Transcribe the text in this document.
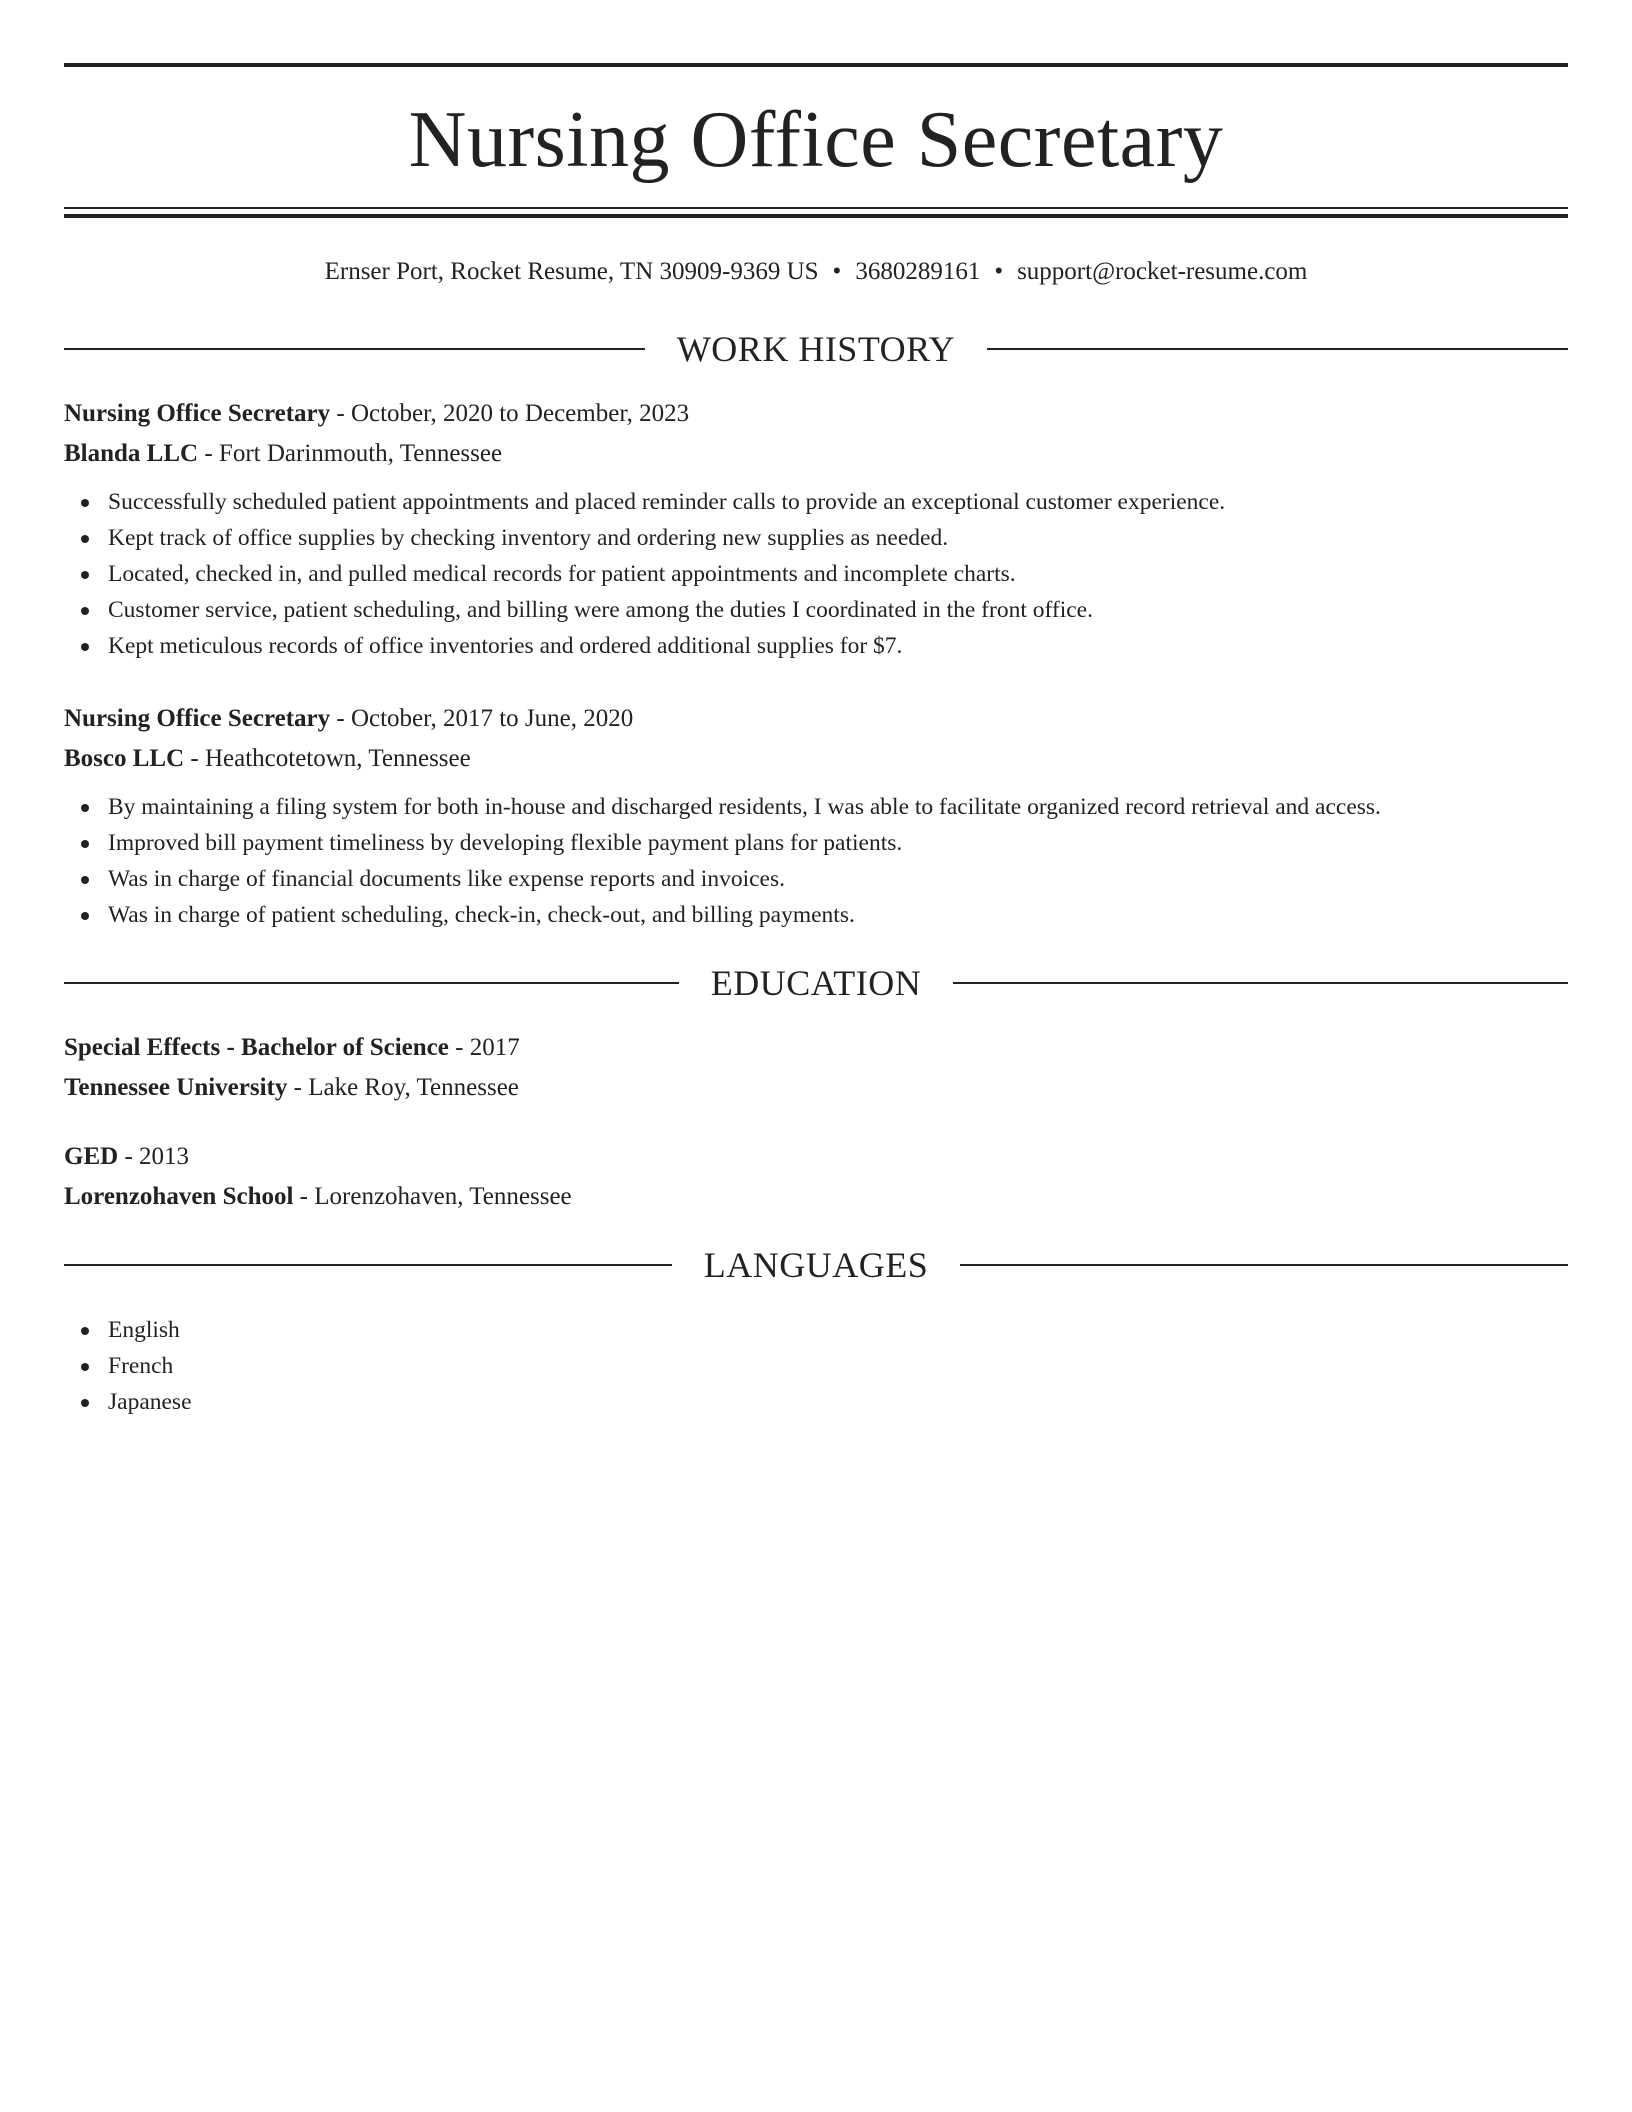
Nursing Office Secretary
Ernser Port, Rocket Resume, TN 30909-9369 US • 3680289161 • support@rocket-resume.com
WORK HISTORY
Nursing Office Secretary - October, 2020 to December, 2023
Blanda LLC - Fort Darinmouth, Tennessee
Successfully scheduled patient appointments and placed reminder calls to provide an exceptional customer experience.
Kept track of office supplies by checking inventory and ordering new supplies as needed.
Located, checked in, and pulled medical records for patient appointments and incomplete charts.
Customer service, patient scheduling, and billing were among the duties I coordinated in the front office.
Kept meticulous records of office inventories and ordered additional supplies for $7.
Nursing Office Secretary - October, 2017 to June, 2020
Bosco LLC - Heathcotetown, Tennessee
By maintaining a filing system for both in-house and discharged residents, I was able to facilitate organized record retrieval and access.
Improved bill payment timeliness by developing flexible payment plans for patients.
Was in charge of financial documents like expense reports and invoices.
Was in charge of patient scheduling, check-in, check-out, and billing payments.
EDUCATION
Special Effects - Bachelor of Science - 2017
Tennessee University - Lake Roy, Tennessee
GED - 2013
Lorenzohaven School - Lorenzohaven, Tennessee
LANGUAGES
English
French
Japanese
